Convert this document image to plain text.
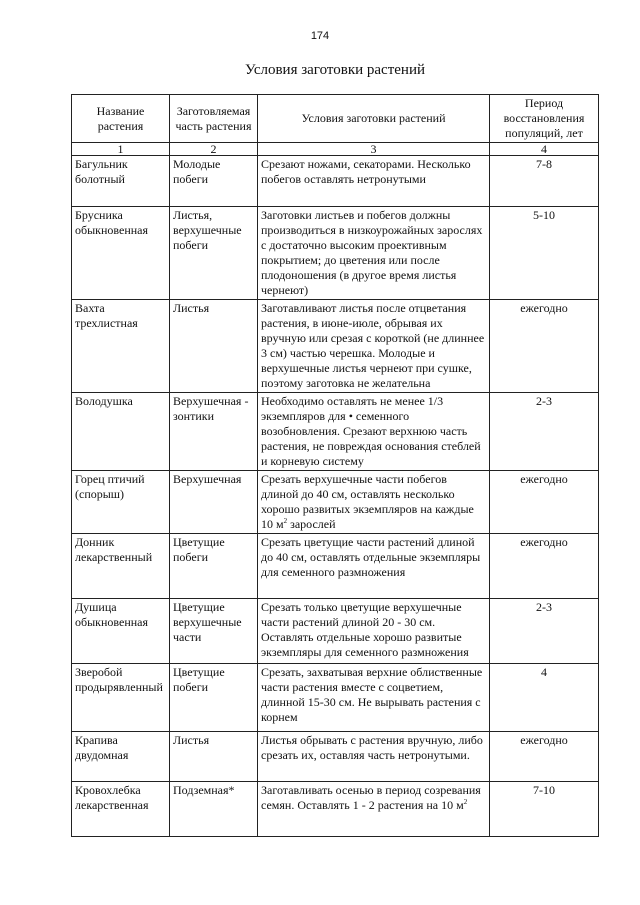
174
Условия заготовки растений
Название растения	Заготовляемая часть растения	Условия заготовки растений	Период восстановления популяций, лет
1	2	3	4
Багульник болотный	Молодые побеги	Срезают ножами, секаторами. Несколько побегов оставлять нетронутыми	7-8
Брусника обыкновенная	Листья, верхушечные побеги	Заготовки листьев и побегов должны производиться в низкоурожайных зарослях с достаточно высоким проективным покрытием; до цветения или после плодоношения (в другое время листья чернеют)	5-10
Вахта трехлистная	Листья	Заготавливают листья после отцветания растения, в июне-июле, обрывая их вручную или срезая с короткой (не длиннее 3 см) частью черешка. Молодые и верхушечные листья чернеют при сушке, поэтому заготовка не желательна	ежегодно
Володушка	Верхушечная - зонтики	Необходимо оставлять не менее 1/3 экземпляров для • семенного возобновления. Срезают верхнюю часть растения, не повреждая основания стеблей и корневую систему	2-3
Горец птичий (спорыш)	Верхушечная	Срезать верхушечные части побегов длиной до 40 см, оставлять несколько хорошо развитых экземпляров на каждые 10 $м^2$ зарослей	ежегодно
Донник лекарственный	Цветущие побеги	Срезать цветущие части растений длиной до 40 см, оставлять отдельные экземпляры для семенного размножения	ежегодно
Душица обыкновенная	Цветущие верхушечные части	Срезать только цветущие верхушечные части растений длиной 20 - 30 см. Оставлять отдельные хорошо развитые экземпляры для семенного размножения	2-3
Зверобой продырявленный	Цветущие побеги	Срезать, захватывая верхние облиственные части растения вместе с соцветием, длинной 15-30 см. Не вырывать растения с корнем	4
Крапива двудомная	Листья	Листья обрывать с растения вручную, либо срезать их, оставляя часть нетронутыми.	ежегодно
Кровохлебка лекарственная	Подземная*	Заготавливать осенью в период созревания семян. Оставлять 1 - 2 растения на 10 $м^2$	7-10
